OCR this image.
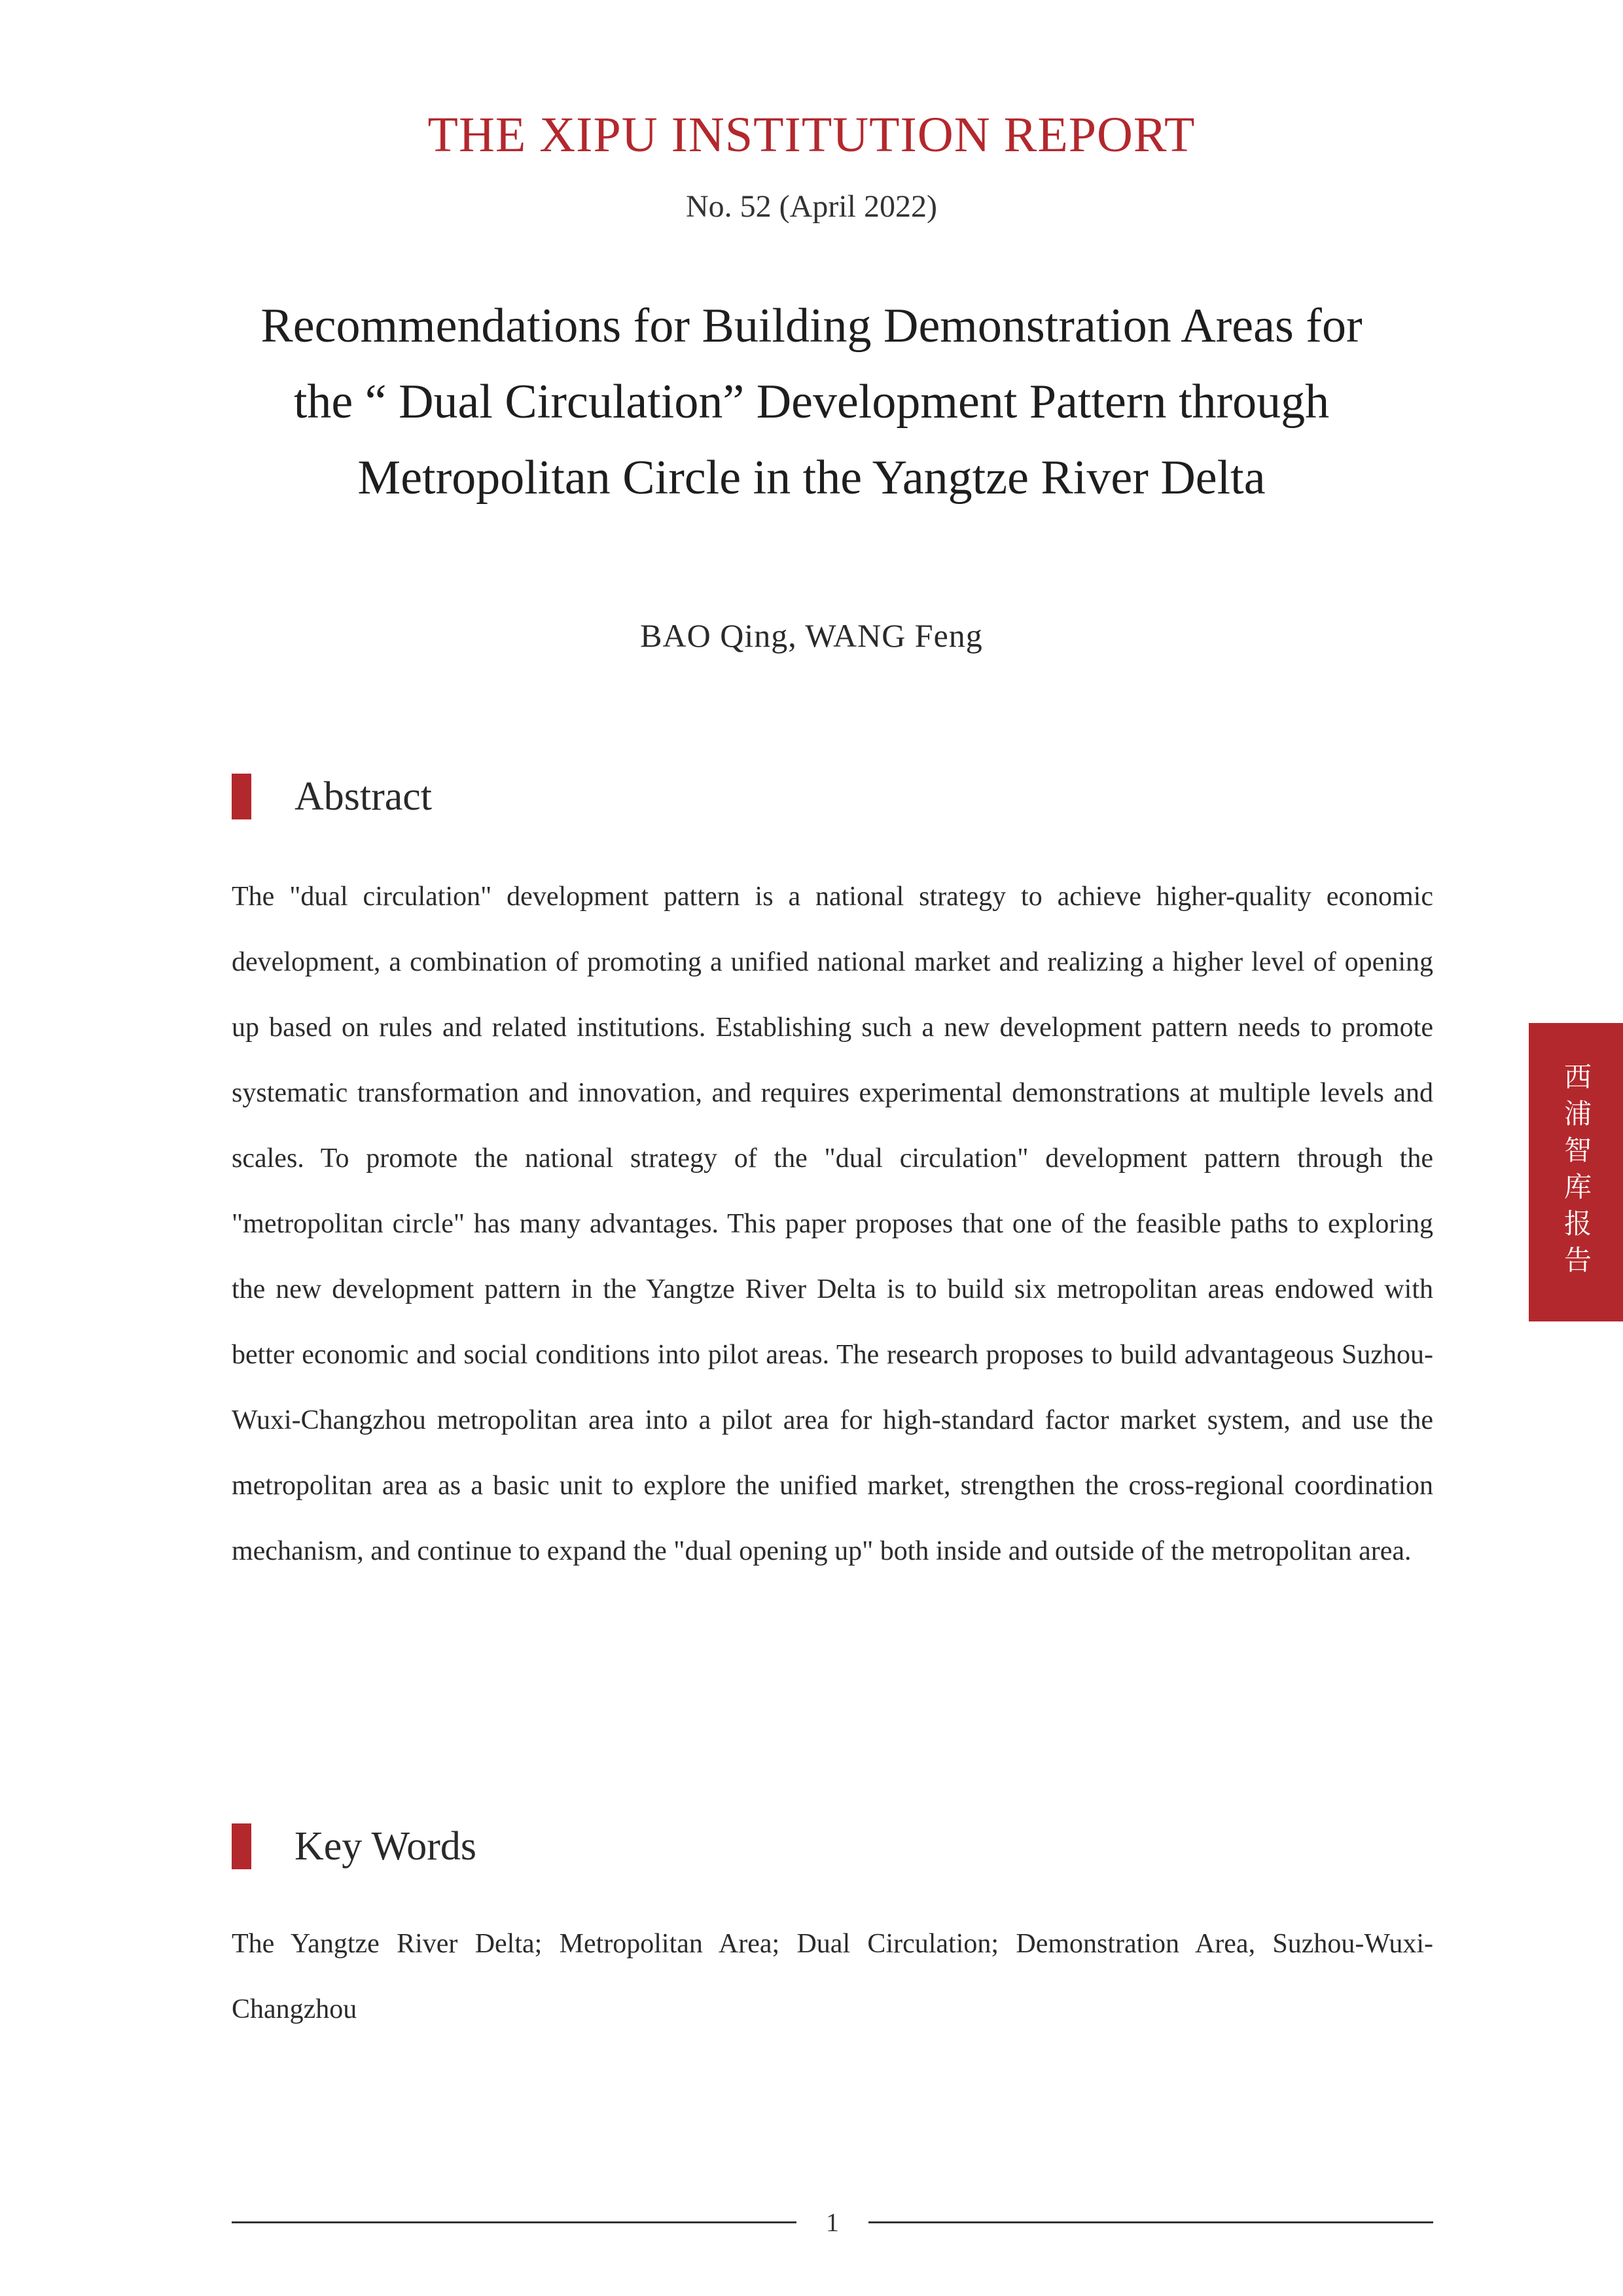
THE XIPU INSTITUTION REPORT
No. 52 (April 2022)
Recommendations for Building Demonstration Areas for
the “ Dual Circulation” Development Pattern through
Metropolitan Circle in the Yangtze River Delta
BAO Qing, WANG Feng
Abstract

The "dual circulation" development pattern is a national strategy to achieve higher-quality economic development, a combination of promoting a unified national market and realizing a higher level of opening up based on rules and related institutions. Establishing such a new development pattern needs to promote systematic transformation and innovation, and requires experimental demonstrations at multiple levels and scales. To promote the national strategy of the "dual circulation" development pattern through the "metropolitan circle" has many advantages. This paper proposes that one of the feasible paths to exploring the new development pattern in the Yangtze River Delta is to build six metropolitan areas endowed with better economic and social conditions into pilot areas. The research proposes to build advantageous Suzhou-Wuxi-Changzhou metropolitan area into a pilot area for high-standard factor market system, and use the metropolitan area as a basic unit to explore the unified market, strengthen the cross-regional coordination mechanism, and continue to expand the "dual opening up" both inside and outside of the metropolitan area.

西浦智库报告
Key Words

The Yangtze River Delta; Metropolitan Area; Dual Circulation; Demonstration Area, Suzhou-Wuxi-Changzhou

1
